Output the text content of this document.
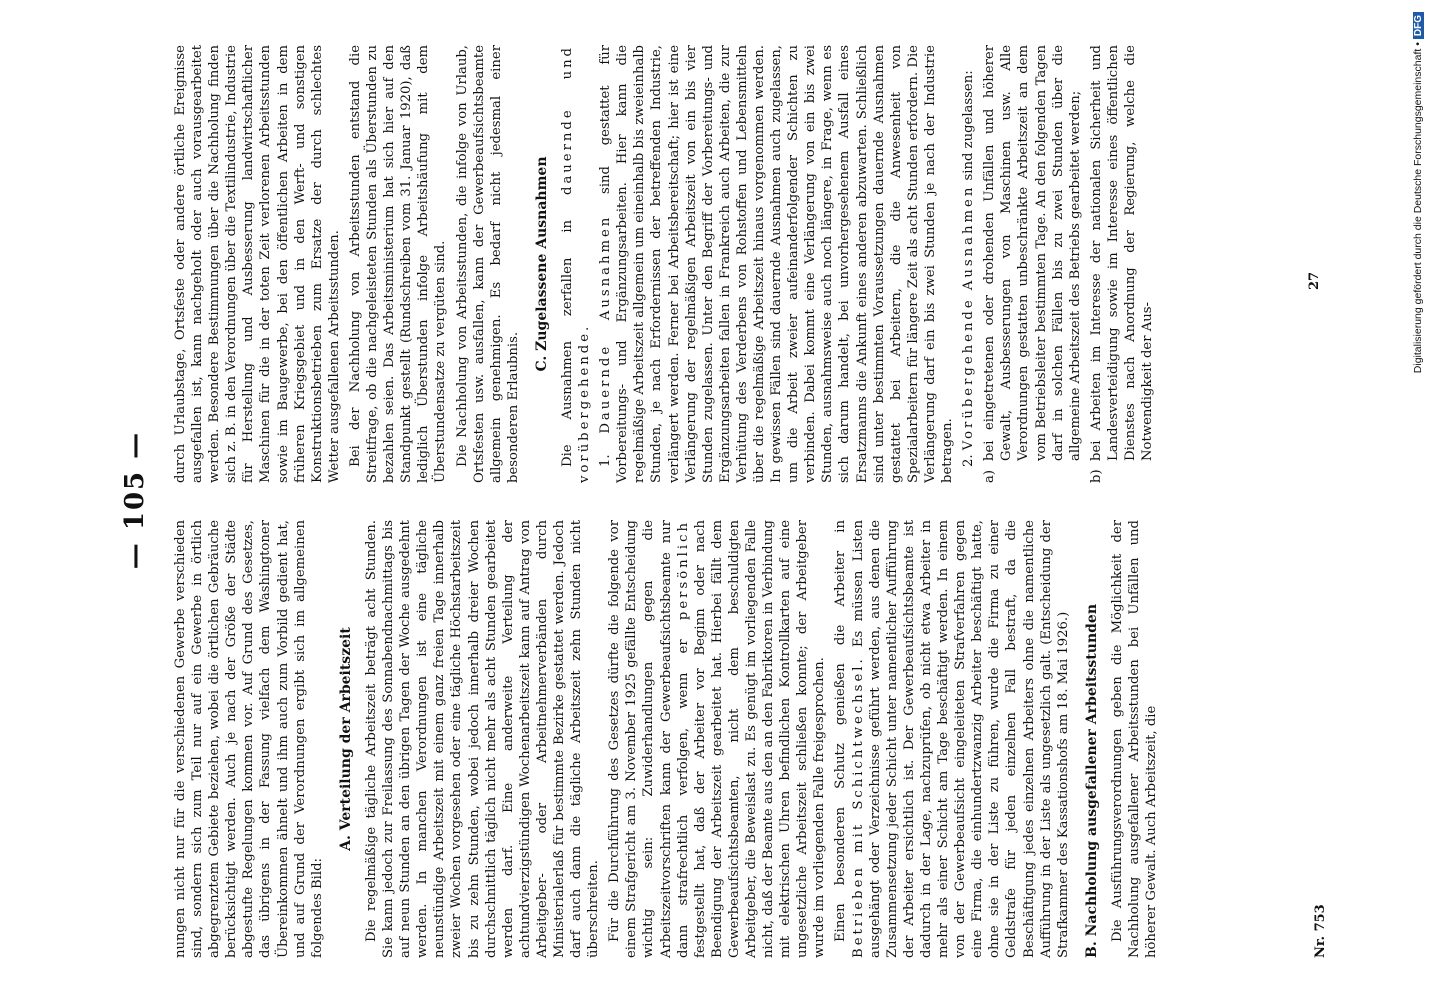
— 105 —

nungen nicht nur für die verschiedenen Gewerbe verschieden sind, sondern sich zum Teil nur auf ein Gewerbe in örtlich abgegrenztem Gebiete beziehen, wobei die örtlichen Gebräuche berücksichtigt werden. Auch je nach der Größe der Städte abgestufte Regelungen kommen vor. Auf Grund des Gesetzes, das übrigens in der Fassung vielfach dem Washingtoner Übereinkommen ähnelt und ihm auch zum Vorbild gedient hat, und auf Grund der Verordnungen ergibt sich im allgemeinen folgendes Bild:

A. Verteilung der Arbeitszeit Die regelmäßige tägliche Arbeitszeit beträgt acht Stunden. Sie kann jedoch zur Freilassung des Sonnabendnachmittags bis auf neun Stunden an den übrigen Tagen der Woche ausgedehnt werden. In manchen Verordnungen ist eine tägliche neunstündige Arbeitszeit mit einem ganz freien Tage innerhalb zweier Wochen vorgesehen oder eine tägliche Höchstarbeitszeit bis zu zehn Stunden, wobei jedoch innerhalb dreier Wochen durchschnittlich täglich nicht mehr als acht Stunden gearbeitet werden darf. Eine anderweite Verteilung der achtundvierzigstündigen Wochenarbeitszeit kann auf Antrag von Arbeitgeber- oder Arbeitnehmerverbänden durch Ministerialerlaß für bestimmte Bezirke gestattet werden. Jedoch darf auch dann die tägliche Arbeitszeit zehn Stunden nicht überschreiten. Für die Durchführung des Gesetzes dürfte die folgende vor einem Strafgericht am 3. November 1925 gefällte Entscheidung wichtig sein: Zuwiderhandlungen gegen die Arbeitszeitvorschriften kann der Gewerbeaufsichtsbeamte nur dann strafrechtlich verfolgen, wenn er persönlich festgestellt hat, daß der Arbeiter vor Beginn oder nach Beendigung der Arbeitszeit gearbeitet hat. Hierbei fällt dem Gewerbeaufsichtsbeamten, nicht dem beschuldigten Arbeitgeber, die Beweislast zu. Es genügt im vorliegenden Falle nicht, daß der Beamte aus den an den Fabriktoren in Verbindung mit elektrischen Uhren befindlichen Kontrollkarten auf eine ungesetzliche Arbeitszeit schließen konnte; der Arbeitgeber wurde im vorliegenden Falle freigesprochen. Einen besonderen Schutz genießen die Arbeiter in Betrieben mit Schichtwechsel. Es müssen Listen ausgehängt oder Verzeichnisse geführt werden, aus denen die Zusammensetzung jeder Schicht unter namentlicher Aufführung der Arbeiter ersichtlich ist. Der Gewerbeaufsichtsbeamte ist dadurch in der Lage, nachzuprüfen, ob nicht etwa Arbeiter in mehr als einer Schicht am Tage beschäftigt werden. In einem von der Gewerbeaufsicht eingeleiteten Strafverfahren gegen eine Firma, die einhundertzwanzig Arbeiter beschäftigt hatte, ohne sie in der Liste zu führen, wurde die Firma zu einer Geldstrafe für jeden einzelnen Fall bestraft, da die Beschäftigung jedes einzelnen Arbeiters ohne die namentliche Aufführung in der Liste als ungesetzlich galt. (Entscheidung der Strafkammer des Kassationshofs am 18. Mai 1926.) B. Nachholung ausgefallener Arbeitsstunden Die Ausführungsverordnungen geben die Möglichkeit der Nachholung ausgefallener Arbeitsstunden bei Unfällen und höherer Gewalt. Auch Arbeitszeit, die

durch Urlaubstage, Ortsfeste oder andere örtliche Ereignisse ausgefallen ist, kann nachgeholt oder auch vorausgearbeitet werden. Besondere Bestimmungen über die Nachholung finden sich z. B. in den Verordnungen über die Textilindustrie, Industrie für Herstellung und Ausbesserung landwirtschaftlicher Maschinen für die in der toten Zeit verlorenen Arbeitsstunden sowie im Baugewerbe, bei den öffentlichen Arbeiten in dem früheren Kriegsgebiet und in den Werft- und sonstigen Konstruktionsbetrieben zum Ersatze der durch schlechtes Wetter ausgefallenen Arbeitsstunden. Bei der Nachholung von Arbeitsstunden entstand die Streitfrage, ob die nachgeleisteten Stunden als Überstunden zu bezahlen seien. Das Arbeitsministerium hat sich hier auf den Standpunkt gestellt (Rundschreiben vom 31. Januar 1920), daß lediglich Überstunden infolge Arbeitshäufung mit dem Überstundensatze zu vergüten sind. Die Nachholung von Arbeitsstunden, die infolge von Urlaub, Ortsfesten usw. ausfallen, kann der Gewerbeaufsichtsbeamte allgemein genehmigen. Es bedarf nicht jedesmal einer besonderen Erlaubnis.

C. Zugelassene Ausnahmen Die Ausnahmen zerfallen in dauernde und vorübergehende. 1. Dauernde Ausnahmen sind gestattet für Vorbereitungs- und Ergänzungsarbeiten. Hier kann die regelmäßige Arbeitszeit allgemein um eineinhalb bis zweieinhalb Stunden, je nach Erfordernissen der betreffenden Industrie, verlängert werden. Ferner bei Arbeitsbereitschaft; hier ist eine Verlängerung der regelmäßigen Arbeitszeit von ein bis vier Stunden zugelassen. Unter den Begriff der Vorbereitungs- und Ergänzungsarbeiten fallen in Frankreich auch Arbeiten, die zur Verhütung des Verderbens von Rohstoffen und Lebensmitteln über die regelmäßige Arbeitszeit hinaus vorgenommen werden. In gewissen Fällen sind dauernde Ausnahmen auch zugelassen, um die Arbeit zweier aufeinanderfolgender Schichten zu verbinden. Dabei kommt eine Verlängerung von ein bis zwei Stunden, ausnahmsweise auch noch längere, in Frage, wenn es sich darum handelt, bei unvorhergesehenem Ausfall eines Ersatzmanns die Ankunft eines anderen abzuwarten. Schließlich sind unter bestimmten Voraussetzungen dauernde Ausnahmen gestattet bei Arbeitern, die die Anwesenheit von Spezialarbeitern für längere Zeit als acht Stunden erfordern. Die Verlängerung darf ein bis zwei Stunden je nach der Industrie betragen. 2. Vorübergehende Ausnahmen sind zugelassen:

a)
bei eingetretenen oder drohenden Unfällen und höherer Gewalt, Ausbesserungen von Maschinen usw. Alle Verordnungen gestatten unbeschränkte Arbeitszeit an dem vom Betriebsleiter bestimmten Tage. An den folgenden Tagen darf in solchen Fällen bis zu zwei Stunden über die allgemeine Arbeitszeit des Betriebs gearbeitet werden;
b)
bei Arbeiten im Interesse der nationalen Sicherheit und Landesverteidigung sowie im Interesse eines öffentlichen Dienstes nach Anordnung der Regierung, welche die Notwendigkeit der Aus-
Nr. 753
27	Digitalisierung gefördert durch die Deutsche Forschungsgemeinschaft •DFG
